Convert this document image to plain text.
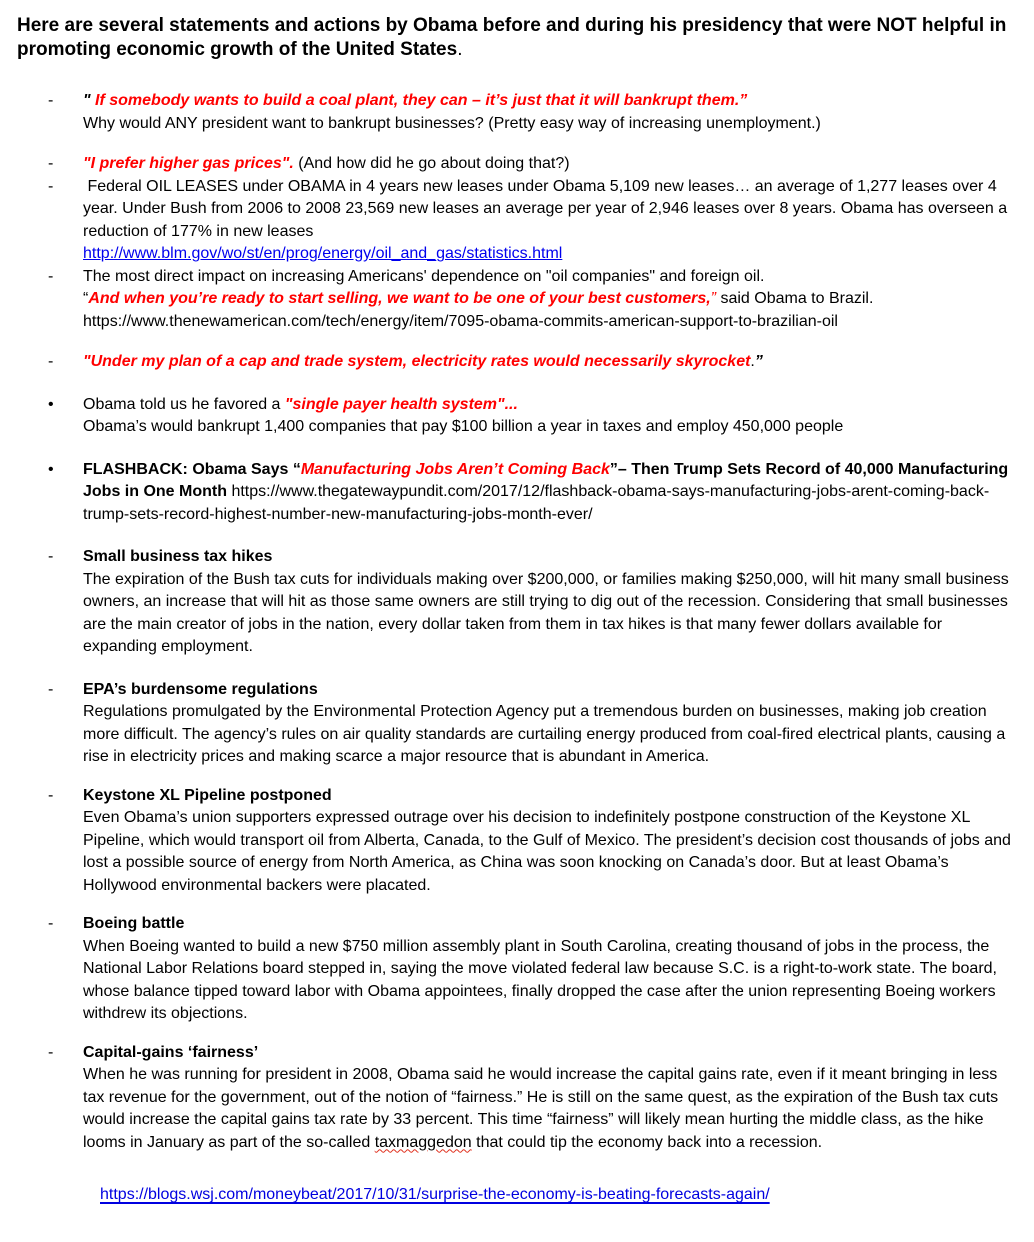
Here are several statements and actions by Obama before and during his presidency that were NOT helpful in promoting economic growth of the United States.

-	" If somebody wants to build a coal plant, they can – it’s just that it will bankrupt them.”

Why would ANY president want to bankrupt businesses? (Pretty easy way of increasing unemployment.)

-	"I prefer higher gas prices". (And how did he go about doing that?)

-	Federal OIL LEASES under OBAMA in 4 years new leases under Obama 5,109 new leases… an average of 1,277 leases over 4 year. Under Bush from 2006 to 2008 23,569 new leases an average per year of 2,946 leases over 8 years. Obama has overseen a reduction of 177% in new leases

http://www.blm.gov/wo/st/en/prog/energy/oil_and_gas/statistics.html

-	The most direct impact on increasing Americans' dependence on "oil companies" and foreign oil.

“And when you’re ready to start selling, we want to be one of your best customers,” said Obama to Brazil.

https://www.thenewamerican.com/tech/energy/item/7095-obama-commits-american-support-to-brazilian-oil

-	"Under my plan of a cap and trade system, electricity rates would necessarily skyrocket.”

•	Obama told us he favored a "single payer health system"...

Obama’s would bankrupt 1,400 companies that pay $100 billion a year in taxes and employ 450,000 people

•	FLASHBACK: Obama Says “Manufacturing Jobs Aren’t Coming Back”– Then Trump Sets Record of 40,000 Manufacturing Jobs in One Month https://www.thegatewaypundit.com/2017/12/flashback-obama-says-manufacturing-jobs-arent-coming-back-trump-sets-record-highest-number-new-manufacturing-jobs-month-ever/

-	Small business tax hikes

The expiration of the Bush tax cuts for individuals making over $200,000, or families making $250,000, will hit many small business owners, an increase that will hit as those same owners are still trying to dig out of the recession. Considering that small businesses are the main creator of jobs in the nation, every dollar taken from them in tax hikes is that many fewer dollars available for expanding employment.

-	EPA’s burdensome regulations

Regulations promulgated by the Environmental Protection Agency put a tremendous burden on businesses, making job creation more difficult. The agency’s rules on air quality standards are curtailing energy produced from coal-fired electrical plants, causing a rise in electricity prices and making scarce a major resource that is abundant in America.

-	Keystone XL Pipeline postponed

Even Obama’s union supporters expressed outrage over his decision to indefinitely postpone construction of the Keystone XL Pipeline, which would transport oil from Alberta, Canada, to the Gulf of Mexico. The president’s decision cost thousands of jobs and lost a possible source of energy from North America, as China was soon knocking on Canada’s door. But at least Obama’s Hollywood environmental backers were placated.

-	Boeing battle

When Boeing wanted to build a new $750 million assembly plant in South Carolina, creating thousand of jobs in the process, the National Labor Relations board stepped in, saying the move violated federal law because S.C. is a right-to-work state. The board, whose balance tipped toward labor with Obama appointees, finally dropped the case after the union representing Boeing workers withdrew its objections.

-	Capital-gains ‘fairness’

When he was running for president in 2008, Obama said he would increase the capital gains rate, even if it meant bringing in less tax revenue for the government, out of the notion of “fairness.” He is still on the same quest, as the expiration of the Bush tax cuts would increase the capital gains tax rate by 33 percent. This time “fairness” will likely mean hurting the middle class, as the hike looms in January as part of the so-called taxmaggedon that could tip the economy back into a recession.

https://blogs.wsj.com/moneybeat/2017/10/31/surprise-the-economy-is-beating-forecasts-again/
